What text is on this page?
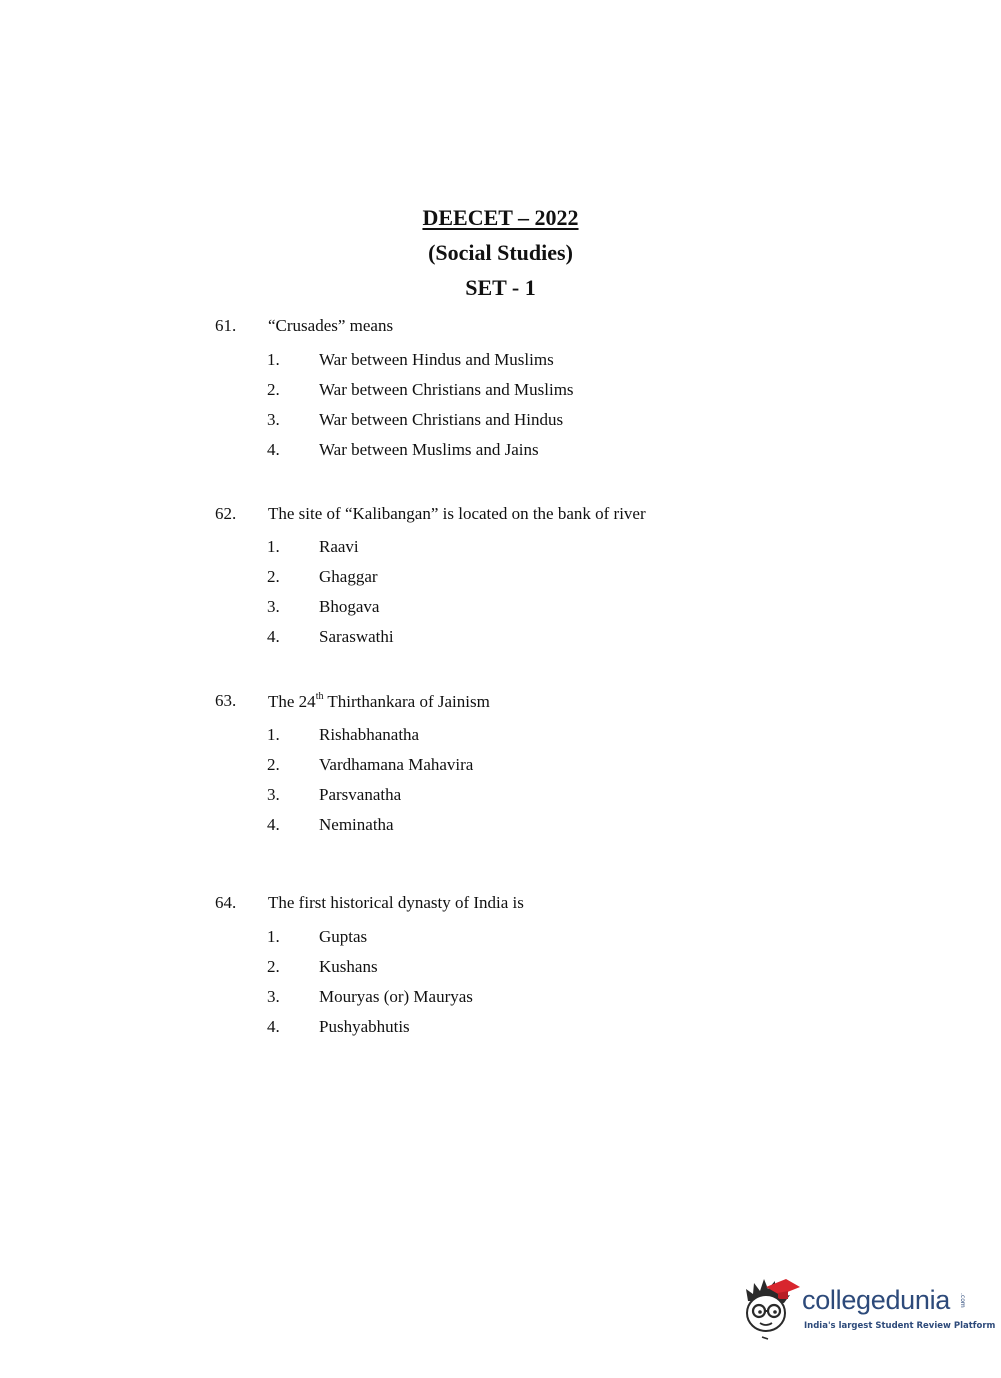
DEECET – 2022
(Social Studies)
SET - 1
61. “Crusades” means
1. War between Hindus and Muslims
2. War between Christians and Muslims
3. War between Christians and Hindus
4. War between Muslims and Jains
62. The site of “Kalibangan” is located on the bank of river
1. Raavi
2. Ghaggar
3. Bhogava
4. Saraswathi
63. The 24th Thirthankara of Jainism
1. Rishabhanatha
2. Vardhamana Mahavira
3. Parsvanatha
4. Neminatha
64. The first historical dynasty of India is
1. Guptas
2. Kushans
3. Mouryas (or) Mauryas
4. Pushyabhutis
collegedunia .com
India's largest Student Review Platform
